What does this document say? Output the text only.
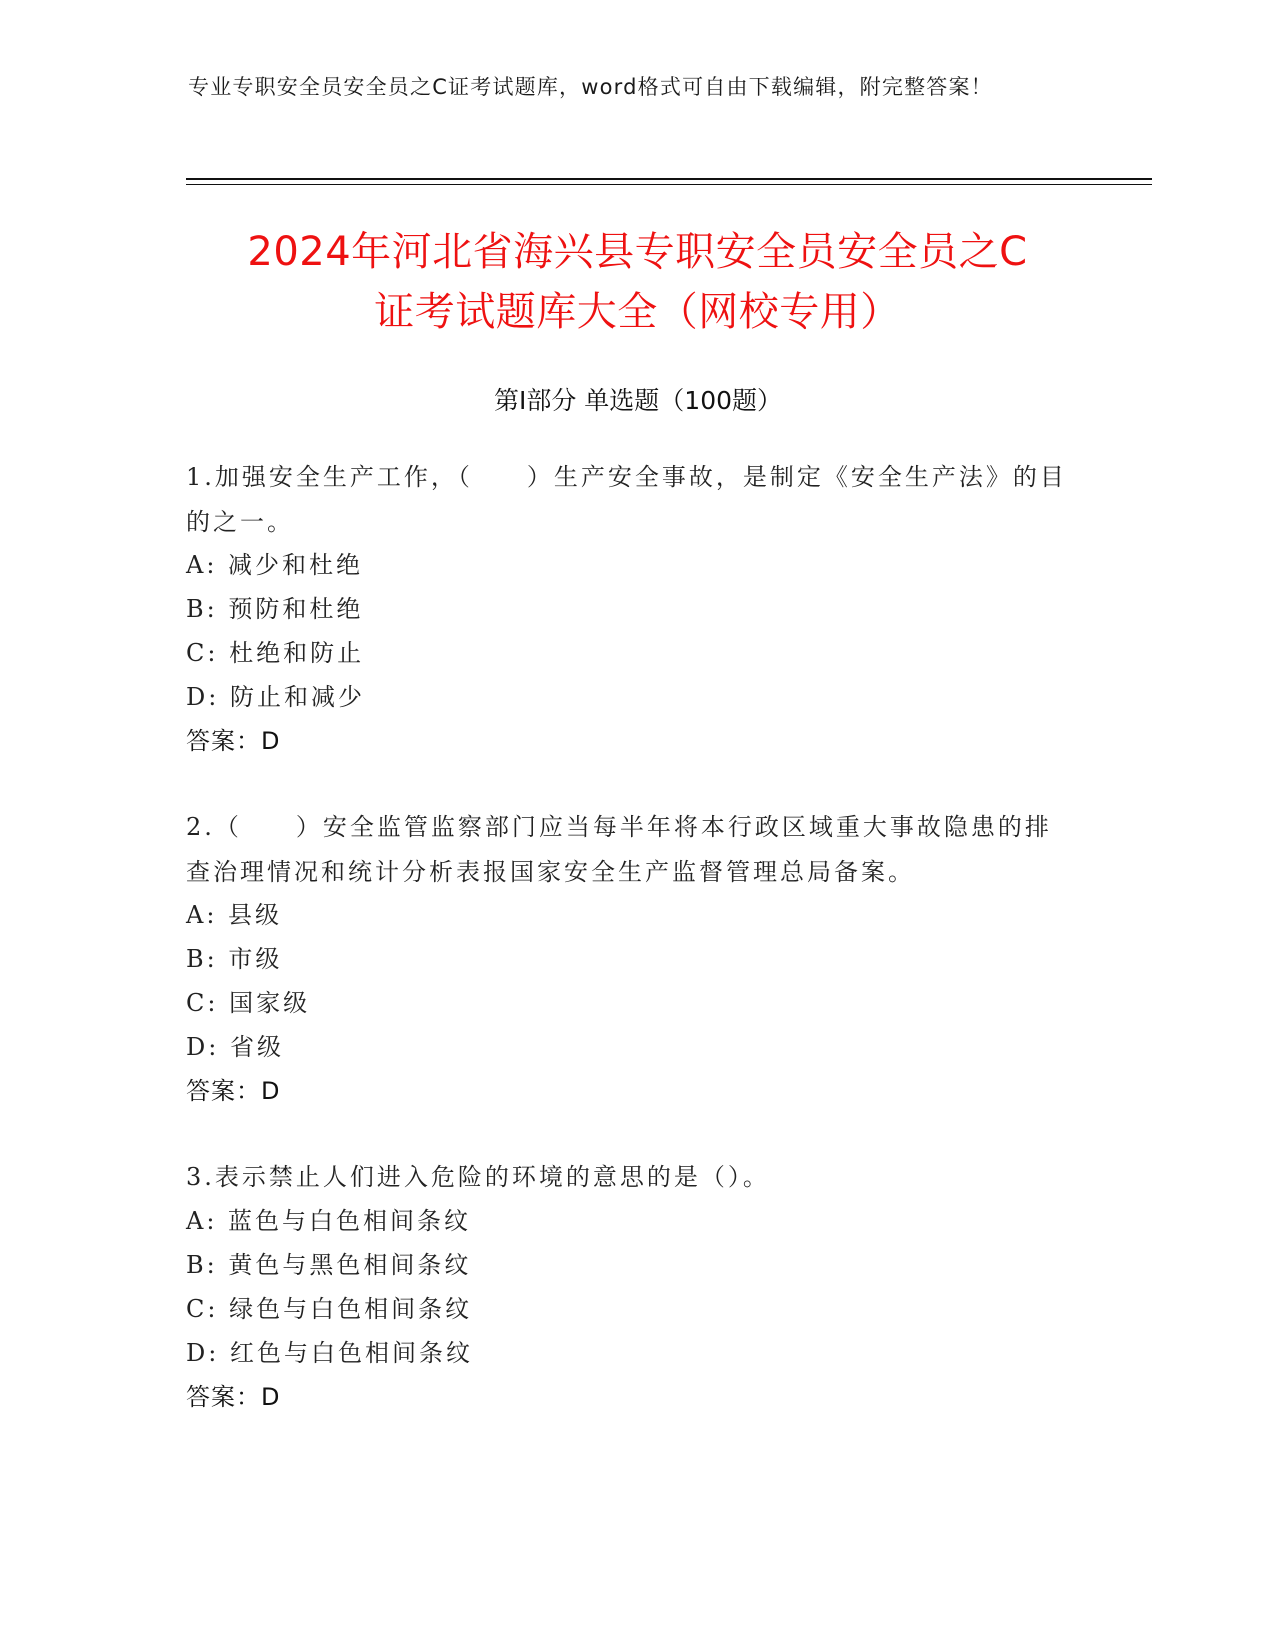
专业专职安全员安全员之C证考试题库，word格式可自由下载编辑，附完整答案！
2024年河北省海兴县专职安全员安全员之C
证考试题库大全（网校专用）
第Ⅰ部分 单选题（100题）
1.加强安全生产工作，（　　）生产安全事故，是制定《安全生产法》的目的之一。
A: 减少和杜绝
B: 预防和杜绝
C: 杜绝和防止
D: 防止和减少
答案：D
2.（　　）安全监管监察部门应当每半年将本行政区域重大事故隐患的排查治理情况和统计分析表报国家安全生产监督管理总局备案。
A: 县级
B: 市级
C: 国家级
D: 省级
答案：D
3.表示禁止人们进入危险的环境的意思的是（）。
A: 蓝色与白色相间条纹
B: 黄色与黑色相间条纹
C: 绿色与白色相间条纹
D: 红色与白色相间条纹
答案：D
